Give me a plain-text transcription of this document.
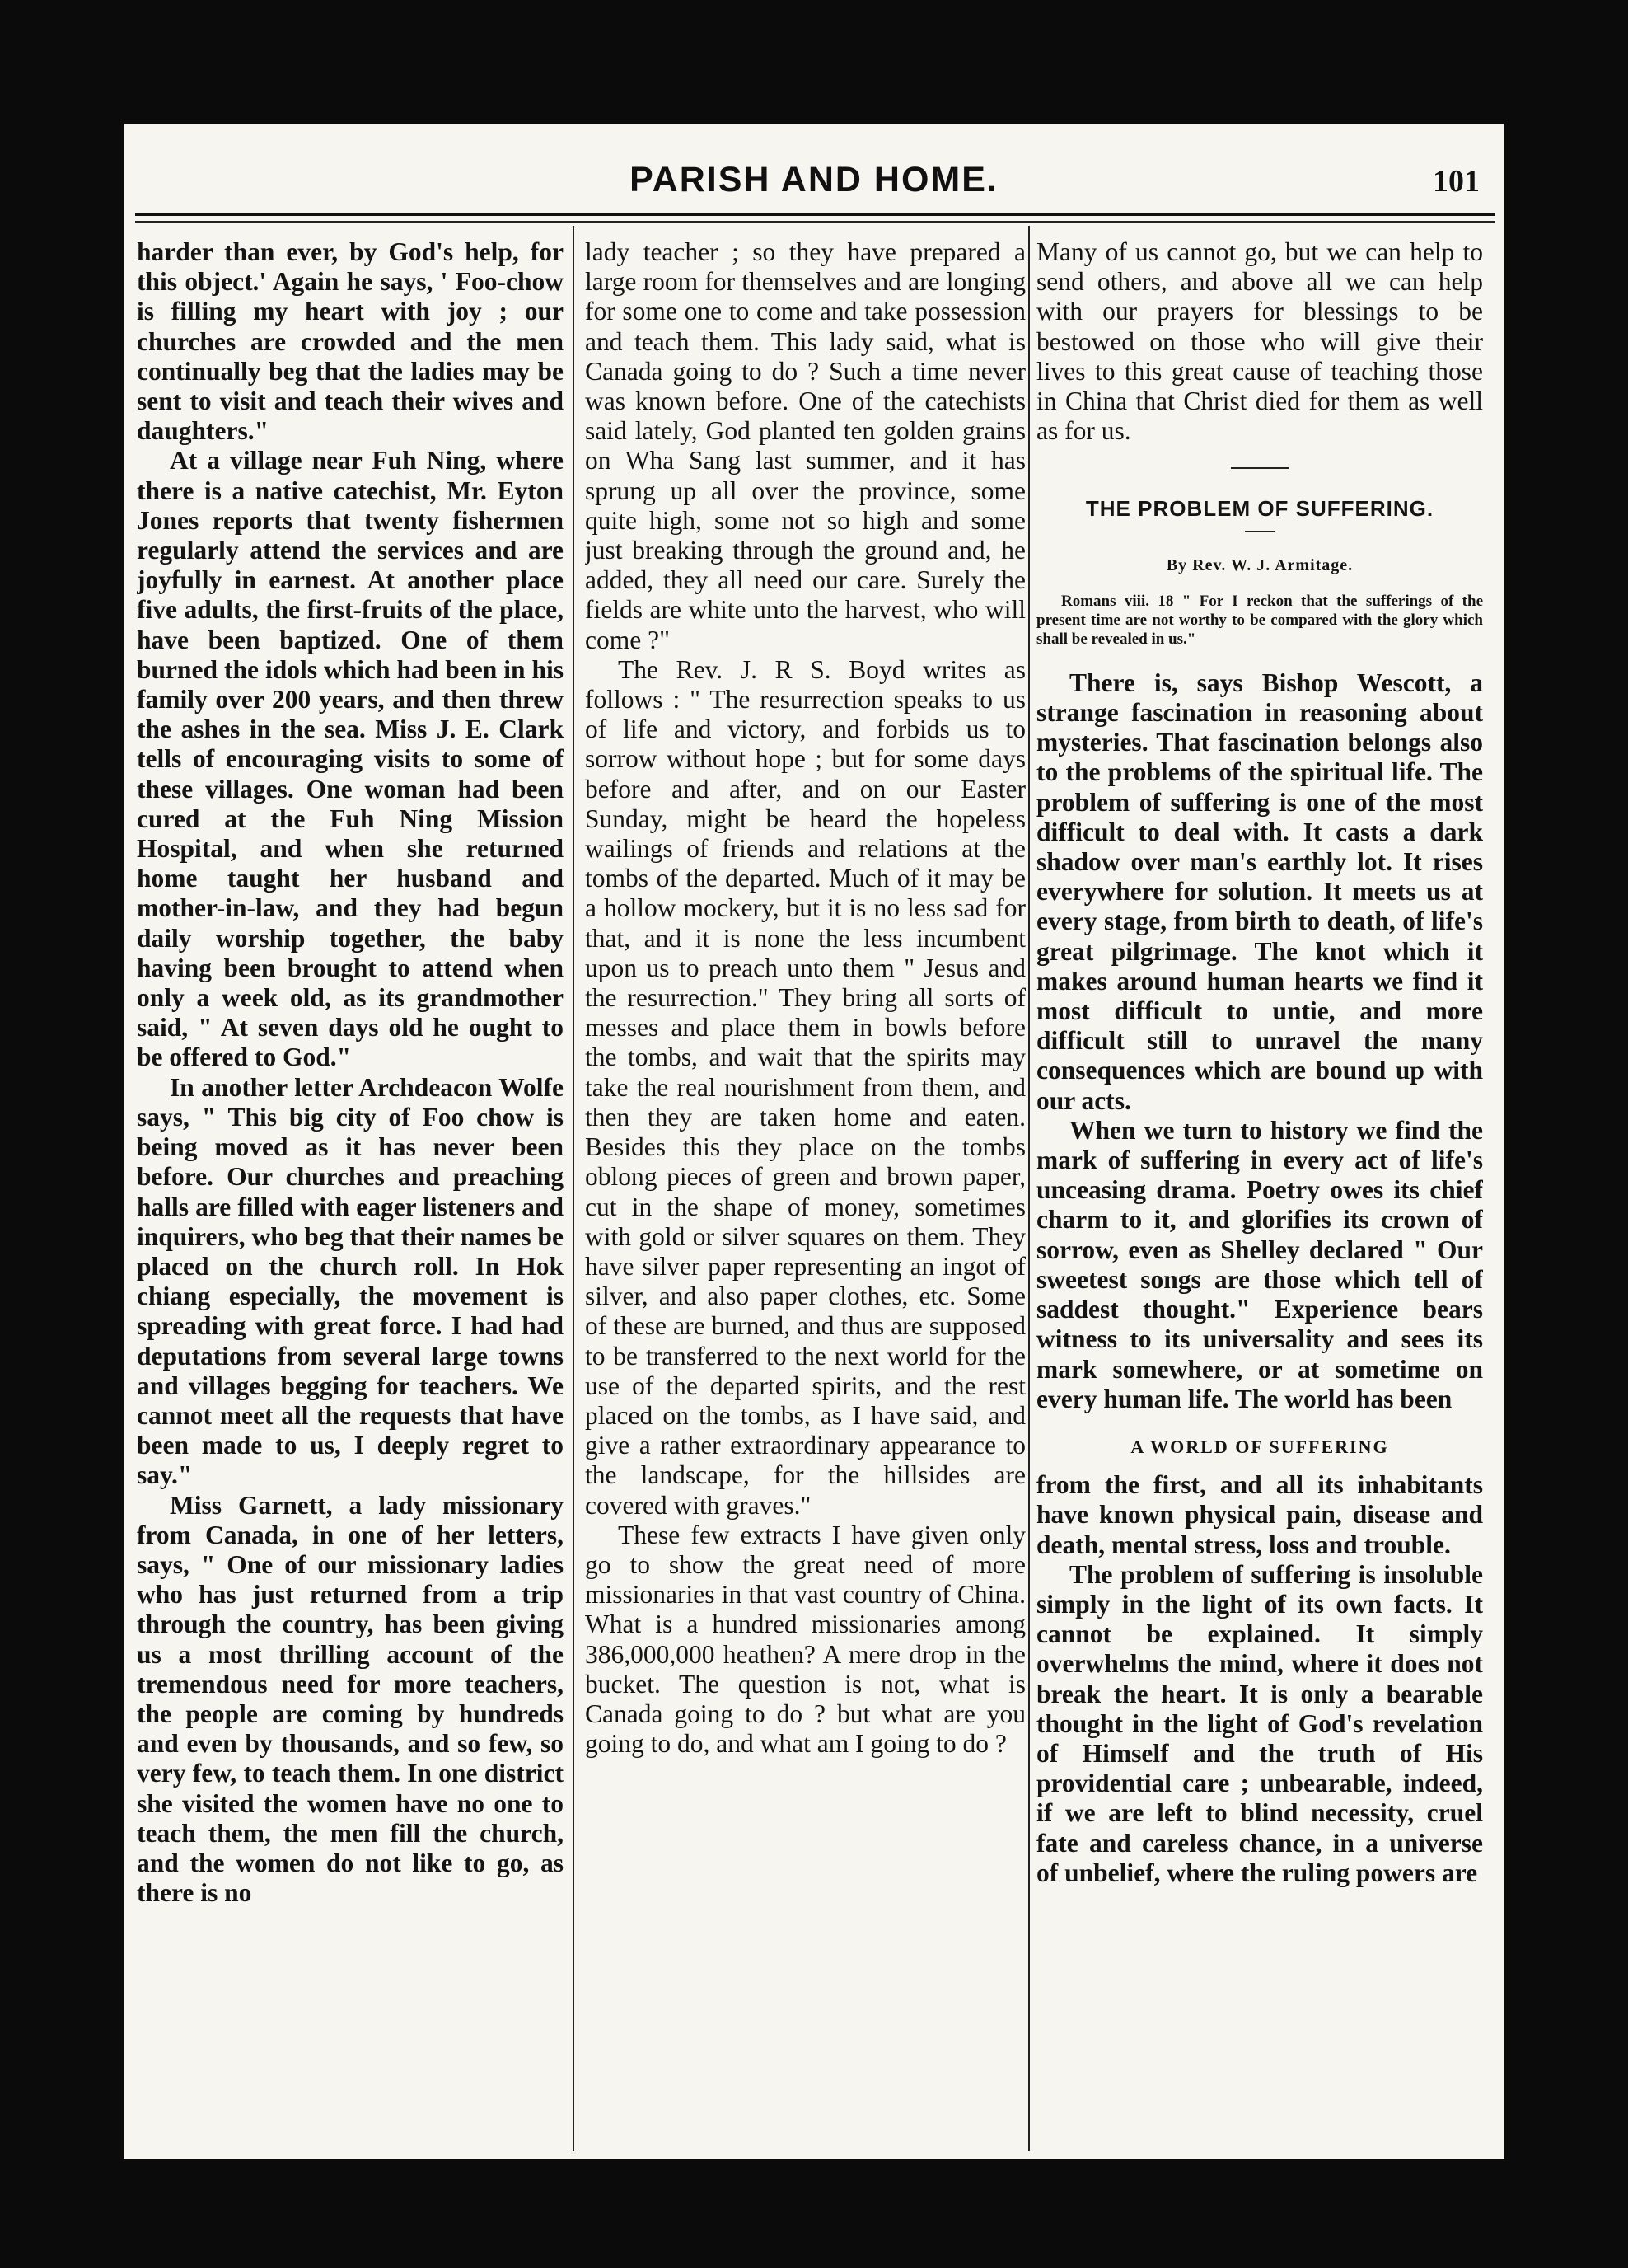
PARISH AND HOME.	101

harder than ever, by God's help, for this object.' Again he says, ' Foo-chow is filling my heart with joy ; our churches are crowded and the men continually beg that the ladies may be sent to visit and teach their wives and daughters."

At a village near Fuh Ning, where there is a native catechist, Mr. Eyton Jones reports that twenty fishermen regularly attend the services and are joyfully in earnest. At another place five adults, the first-fruits of the place, have been baptized. One of them burned the idols which had been in his family over 200 years, and then threw the ashes in the sea. Miss J. E. Clark tells of encouraging visits to some of these villages. One woman had been cured at the Fuh Ning Mission Hospital, and when she returned home taught her husband and mother-in-law, and they had begun daily worship together, the baby having been brought to attend when only a week old, as its grandmother said, " At seven days old he ought to be offered to God."

In another letter Archdeacon Wolfe says, " This big city of Foo chow is being moved as it has never been before. Our churches and preaching halls are filled with eager listeners and inquirers, who beg that their names be placed on the church roll. In Hok chiang especially, the movement is spreading with great force. I had had deputations from several large towns and villages begging for teachers. We cannot meet all the requests that have been made to us, I deeply regret to say."

Miss Garnett, a lady missionary from Canada, in one of her letters, says, " One of our missionary ladies who has just returned from a trip through the country, has been giving us a most thrilling account of the tremendous need for more teachers, the people are coming by hundreds and even by thousands, and so few, so very few, to teach them. In one district she visited the women have no one to teach them, the men fill the church, and the women do not like to go, as there is no

lady teacher ; so they have prepared a large room for themselves and are longing for some one to come and take possession and teach them. This lady said, what is Canada going to do ? Such a time never was known before. One of the catechists said lately, God planted ten golden grains on Wha Sang last summer, and it has sprung up all over the province, some quite high, some not so high and some just breaking through the ground and, he added, they all need our care. Surely the fields are white unto the harvest, who will come ?"

The Rev. J. R S. Boyd writes as follows : " The resurrection speaks to us of life and victory, and forbids us to sorrow without hope ; but for some days before and after, and on our Easter Sunday, might be heard the hopeless wailings of friends and relations at the tombs of the departed. Much of it may be a hollow mockery, but it is no less sad for that, and it is none the less incumbent upon us to preach unto them " Jesus and the resurrection." They bring all sorts of messes and place them in bowls before the tombs, and wait that the spirits may take the real nourishment from them, and then they are taken home and eaten. Besides this they place on the tombs oblong pieces of green and brown paper, cut in the shape of money, sometimes with gold or silver squares on them. They have silver paper representing an ingot of silver, and also paper clothes, etc. Some of these are burned, and thus are supposed to be transferred to the next world for the use of the departed spirits, and the rest placed on the tombs, as I have said, and give a rather extraordinary appearance to the landscape, for the hillsides are covered with graves."

These few extracts I have given only go to show the great need of more missionaries in that vast country of China. What is a hundred missionaries among 386,000,000 heathen? A mere drop in the bucket. The question is not, what is Canada going to do ? but what are you going to do, and what am I going to do ?

Many of us cannot go, but we can help to send others, and above all we can help with our prayers for blessings to be bestowed on those who will give their lives to this great cause of teaching those in China that Christ died for them as well as for us.

THE PROBLEM OF SUFFERING.
By Rev. W. J. Armitage.
Romans viii. 18 " For I reckon that the sufferings of the present time are not worthy to be compared with the glory which shall be revealed in us."

There is, says Bishop Wescott, a strange fascination in reasoning about mysteries. That fascination belongs also to the problems of the spiritual life. The problem of suffering is one of the most difficult to deal with. It casts a dark shadow over man's earthly lot. It rises everywhere for solution. It meets us at every stage, from birth to death, of life's great pilgrimage. The knot which it makes around human hearts we find it most difficult to untie, and more difficult still to unravel the many consequences which are bound up with our acts.

When we turn to history we find the mark of suffering in every act of life's unceasing drama. Poetry owes its chief charm to it, and glorifies its crown of sorrow, even as Shelley declared " Our sweetest songs are those which tell of saddest thought." Experience bears witness to its universality and sees its mark somewhere, or at sometime on every human life. The world has been

A WORLD OF SUFFERING

from the first, and all its inhabitants have known physical pain, disease and death, mental stress, loss and trouble.

The problem of suffering is insoluble simply in the light of its own facts. It cannot be explained. It simply overwhelms the mind, where it does not break the heart. It is only a bearable thought in the light of God's revelation of Himself and the truth of His providential care ; unbearable, indeed, if we are left to blind necessity, cruel fate and careless chance, in a universe of unbelief, where the ruling powers are
